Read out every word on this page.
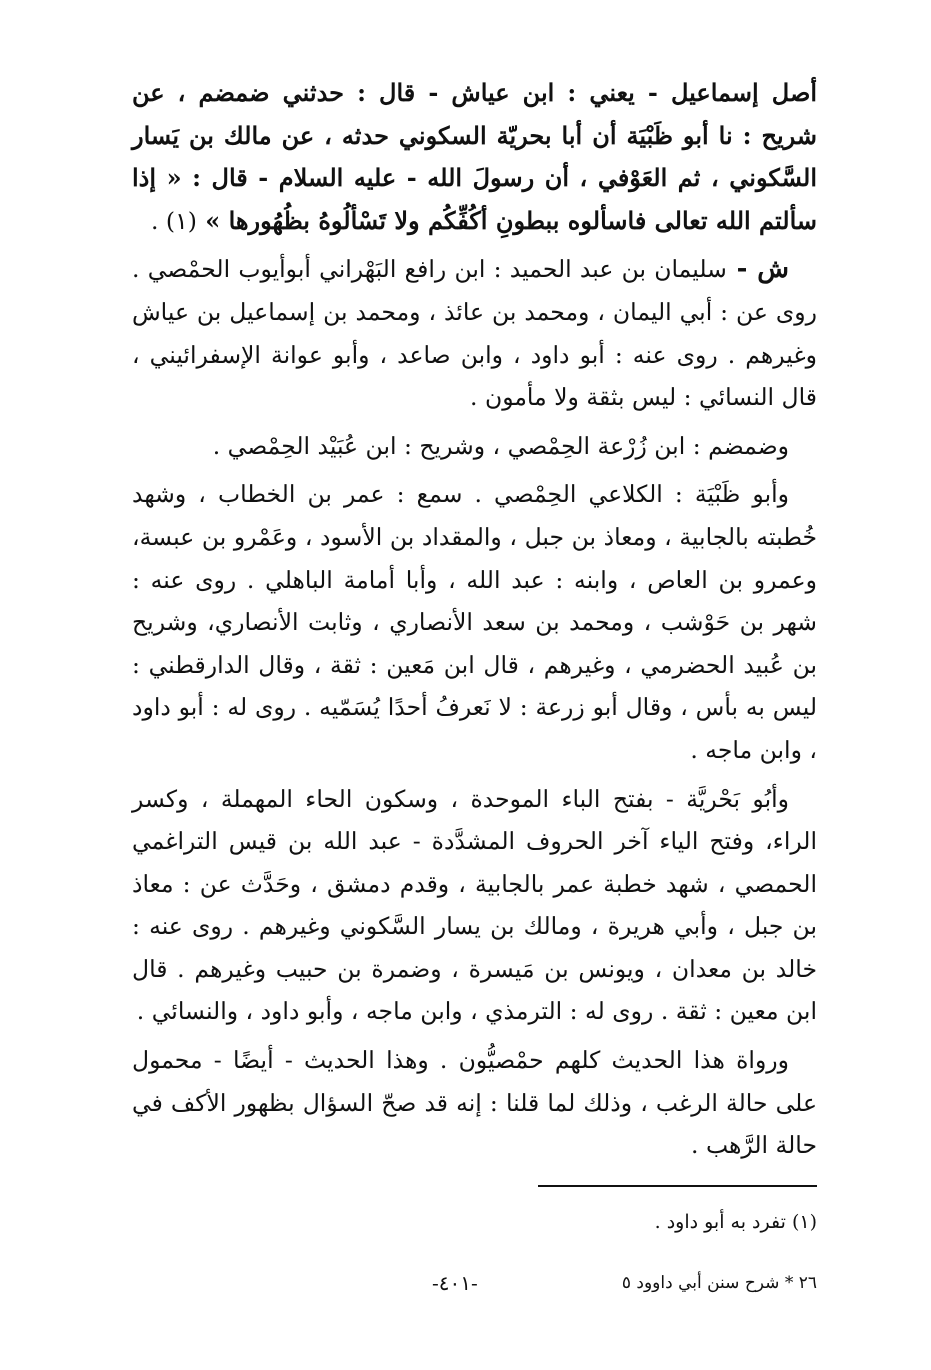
أصل إسماعيل - يعني : ابن عياش - قال : حدثني ضمضم ، عن شريح : نا أبو ظَبْيَة أن أبا بحريّة السكوني حدثه ، عن مالك بن يَسار السَّكوني ، ثم العَوْفي ، أن رسولَ الله - عليه السلام - قال : « إذا سألتم الله تعالى فاسألوه ببطونِ أكُفِّكُم ولا تَسْألُوهُ بظُهُورها » (١) .

ش - سليمان بن عبد الحميد : ابن رافع البَهْراني أبوأيوب الحمْصي . روى عن : أبي اليمان ، ومحمد بن عائذ ، ومحمد بن إسماعيل بن عياش وغيرهم . روى عنه : أبو داود ، وابن صاعد ، وأبو عوانة الإسفرائيني ، قال النسائي : ليس بثقة ولا مأمون .

وضمضم : ابن زُرْعة الحِمْصي ، وشريح : ابن عُبَيْد الحِمْصي .

وأبو ظَبْيَة : الكلاعي الحِمْصي . سمع : عمر بن الخطاب ، وشهد خُطبته بالجابية ، ومعاذ بن جبل ، والمقداد بن الأسود ، وعَمْرو بن عبسة، وعمرو بن العاص ، وابنه : عبد الله ، وأبا أمامة الباهلي . روى عنه : شهر بن حَوْشب ، ومحمد بن سعد الأنصاري ، وثابت الأنصاري، وشريح بن عُبيد الحضرمي ، وغيرهم ، قال ابن مَعين : ثقة ، وقال الدارقطني : ليس به بأس ، وقال أبو زرعة : لا نَعرفُ أحدًا يُسَمّيه . روى له : أبو داود ، وابن ماجه .

وأبُو بَحْريَّة - بفتح الباء الموحدة ، وسكون الحاء المهملة ، وكسر الراء، وفتح الياء آخر الحروف المشدَّدة - عبد الله بن قيس التراغمي الحمصي ، شهد خطبة عمر بالجابية ، وقدم دمشق ، وحَدَّث عن : معاذ بن جبل ، وأبي هريرة ، ومالك بن يسار السَّكوني وغيرهم . روى عنه : خالد بن معدان ، ويونس بن مَيسرة ، وضمرة بن حبيب وغيرهم . قال ابن معين : ثقة . روى له : الترمذي ، وابن ماجه ، وأبو داود ، والنسائي .

ورواة هذا الحديث كلهم حمْصيُّون . وهذا الحديث - أيضًا - محمول على حالة الرغب ، وذلك لما قلنا : إنه قد صحّ السؤال بظهور الأكف في حالة الرَّهب .

(١) تفرد به أبو داود .
٢٦ * شرح سنن أبي داوود ٥
-٤٠١-
